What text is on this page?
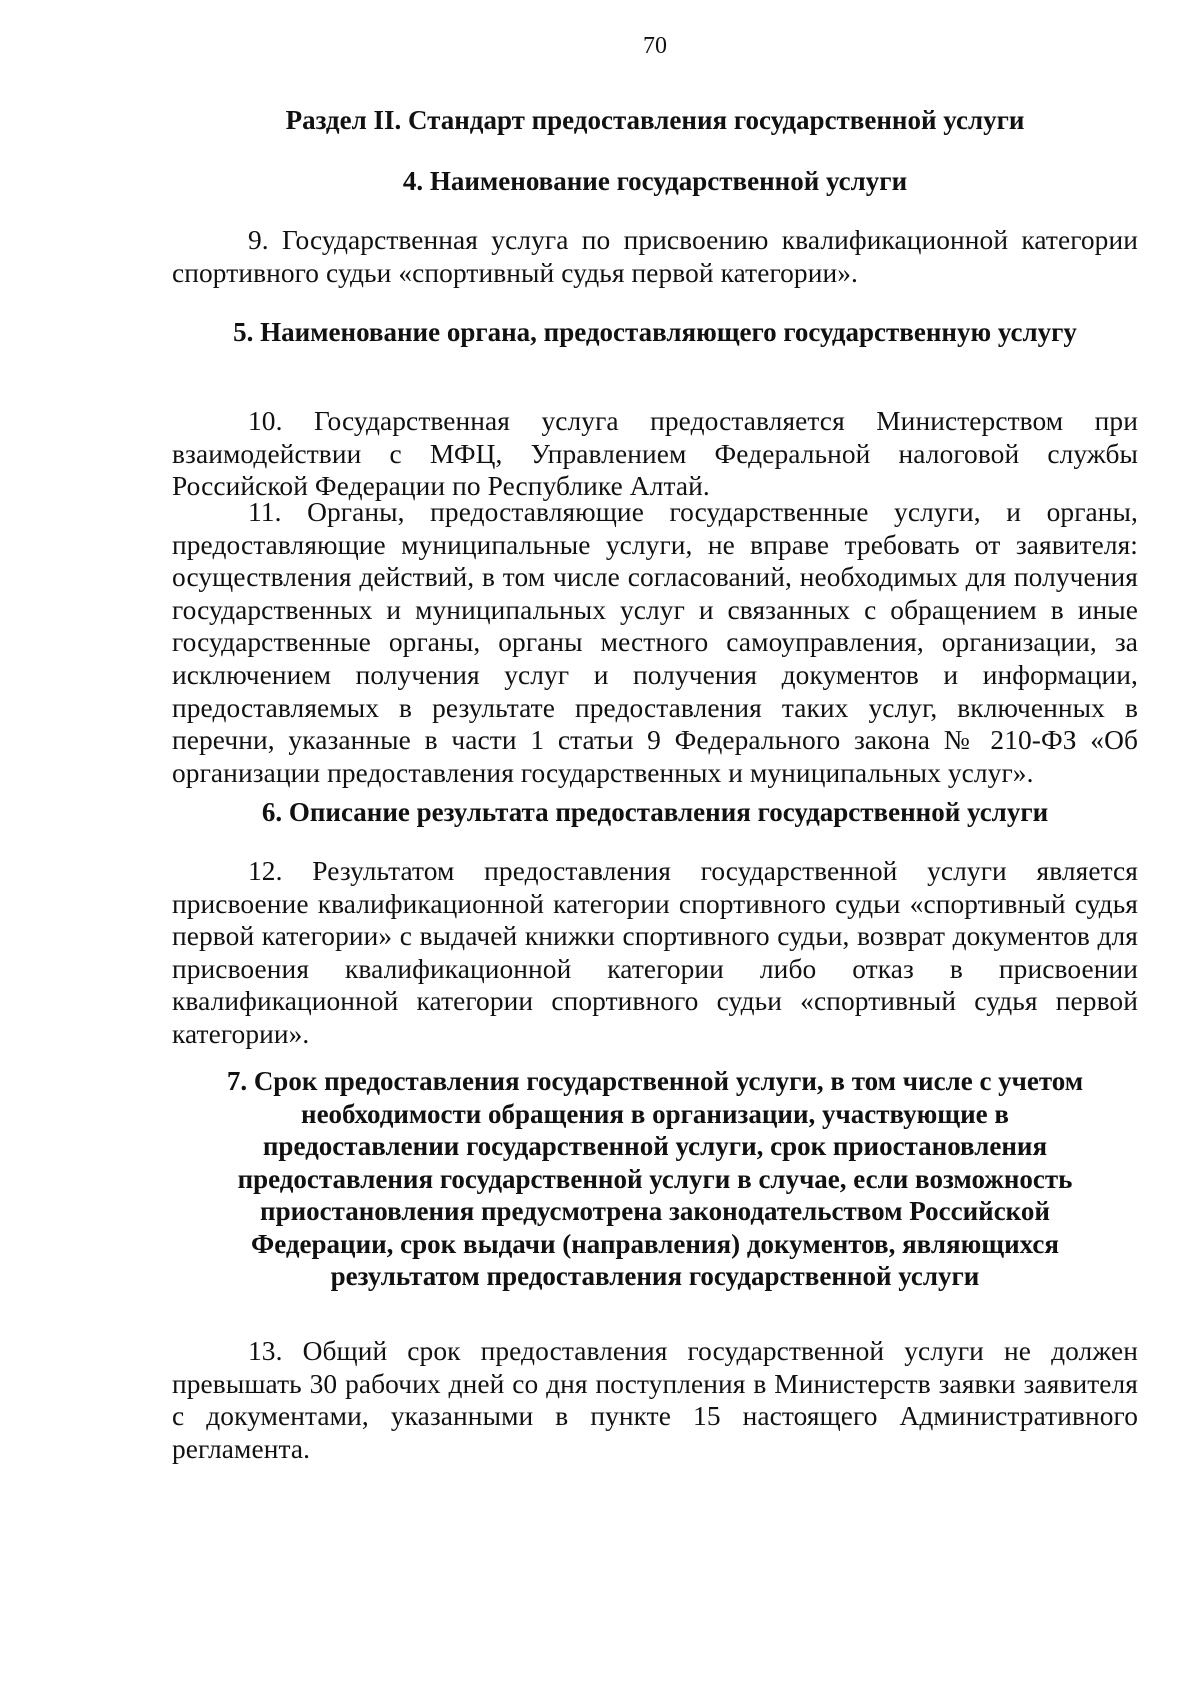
70
Раздел II. Стандарт предоставления государственной услуги
4. Наименование государственной услуги
9. Государственная услуга по присвоению квалификационной категории спортивного судьи «спортивный судья первой категории».
5. Наименование органа, предоставляющего государственную услугу
10. Государственная услуга предоставляется Министерством при взаимодействии с МФЦ, Управлением Федеральной налоговой службы Российской Федерации по Республике Алтай.
11. Органы, предоставляющие государственные услуги, и органы, предоставляющие муниципальные услуги, не вправе требовать от заявителя: осуществления действий, в том числе согласований, необходимых для получения государственных и муниципальных услуг и связанных с обращением в иные государственные органы, органы местного самоуправления, организации, за исключением получения услуг и получения документов и информации, предоставляемых в результате предоставления таких услуг, включенных в перечни, указанные в части 1 статьи 9 Федерального закона № 210-ФЗ «Об организации предоставления государственных и муниципальных услуг».
6. Описание результата предоставления государственной услуги
12. Результатом предоставления государственной услуги является присвоение квалификационной категории спортивного судьи «спортивный судья первой категории» с выдачей книжки спортивного судьи, возврат документов для присвоения квалификационной категории либо отказ в присвоении квалификационной категории спортивного судьи «спортивный судья первой категории».
7. Срок предоставления государственной услуги, в том числе с учетом необходимости обращения в организации, участвующие в предоставлении государственной услуги, срок приостановления предоставления государственной услуги в случае, если возможность приостановления предусмотрена законодательством Российской Федерации, срок выдачи (направления) документов, являющихся результатом предоставления государственной услуги
13. Общий срок предоставления государственной услуги не должен превышать 30 рабочих дней со дня поступления в Министерств заявки заявителя с документами, указанными в пункте 15 настоящего Административного регламента.
